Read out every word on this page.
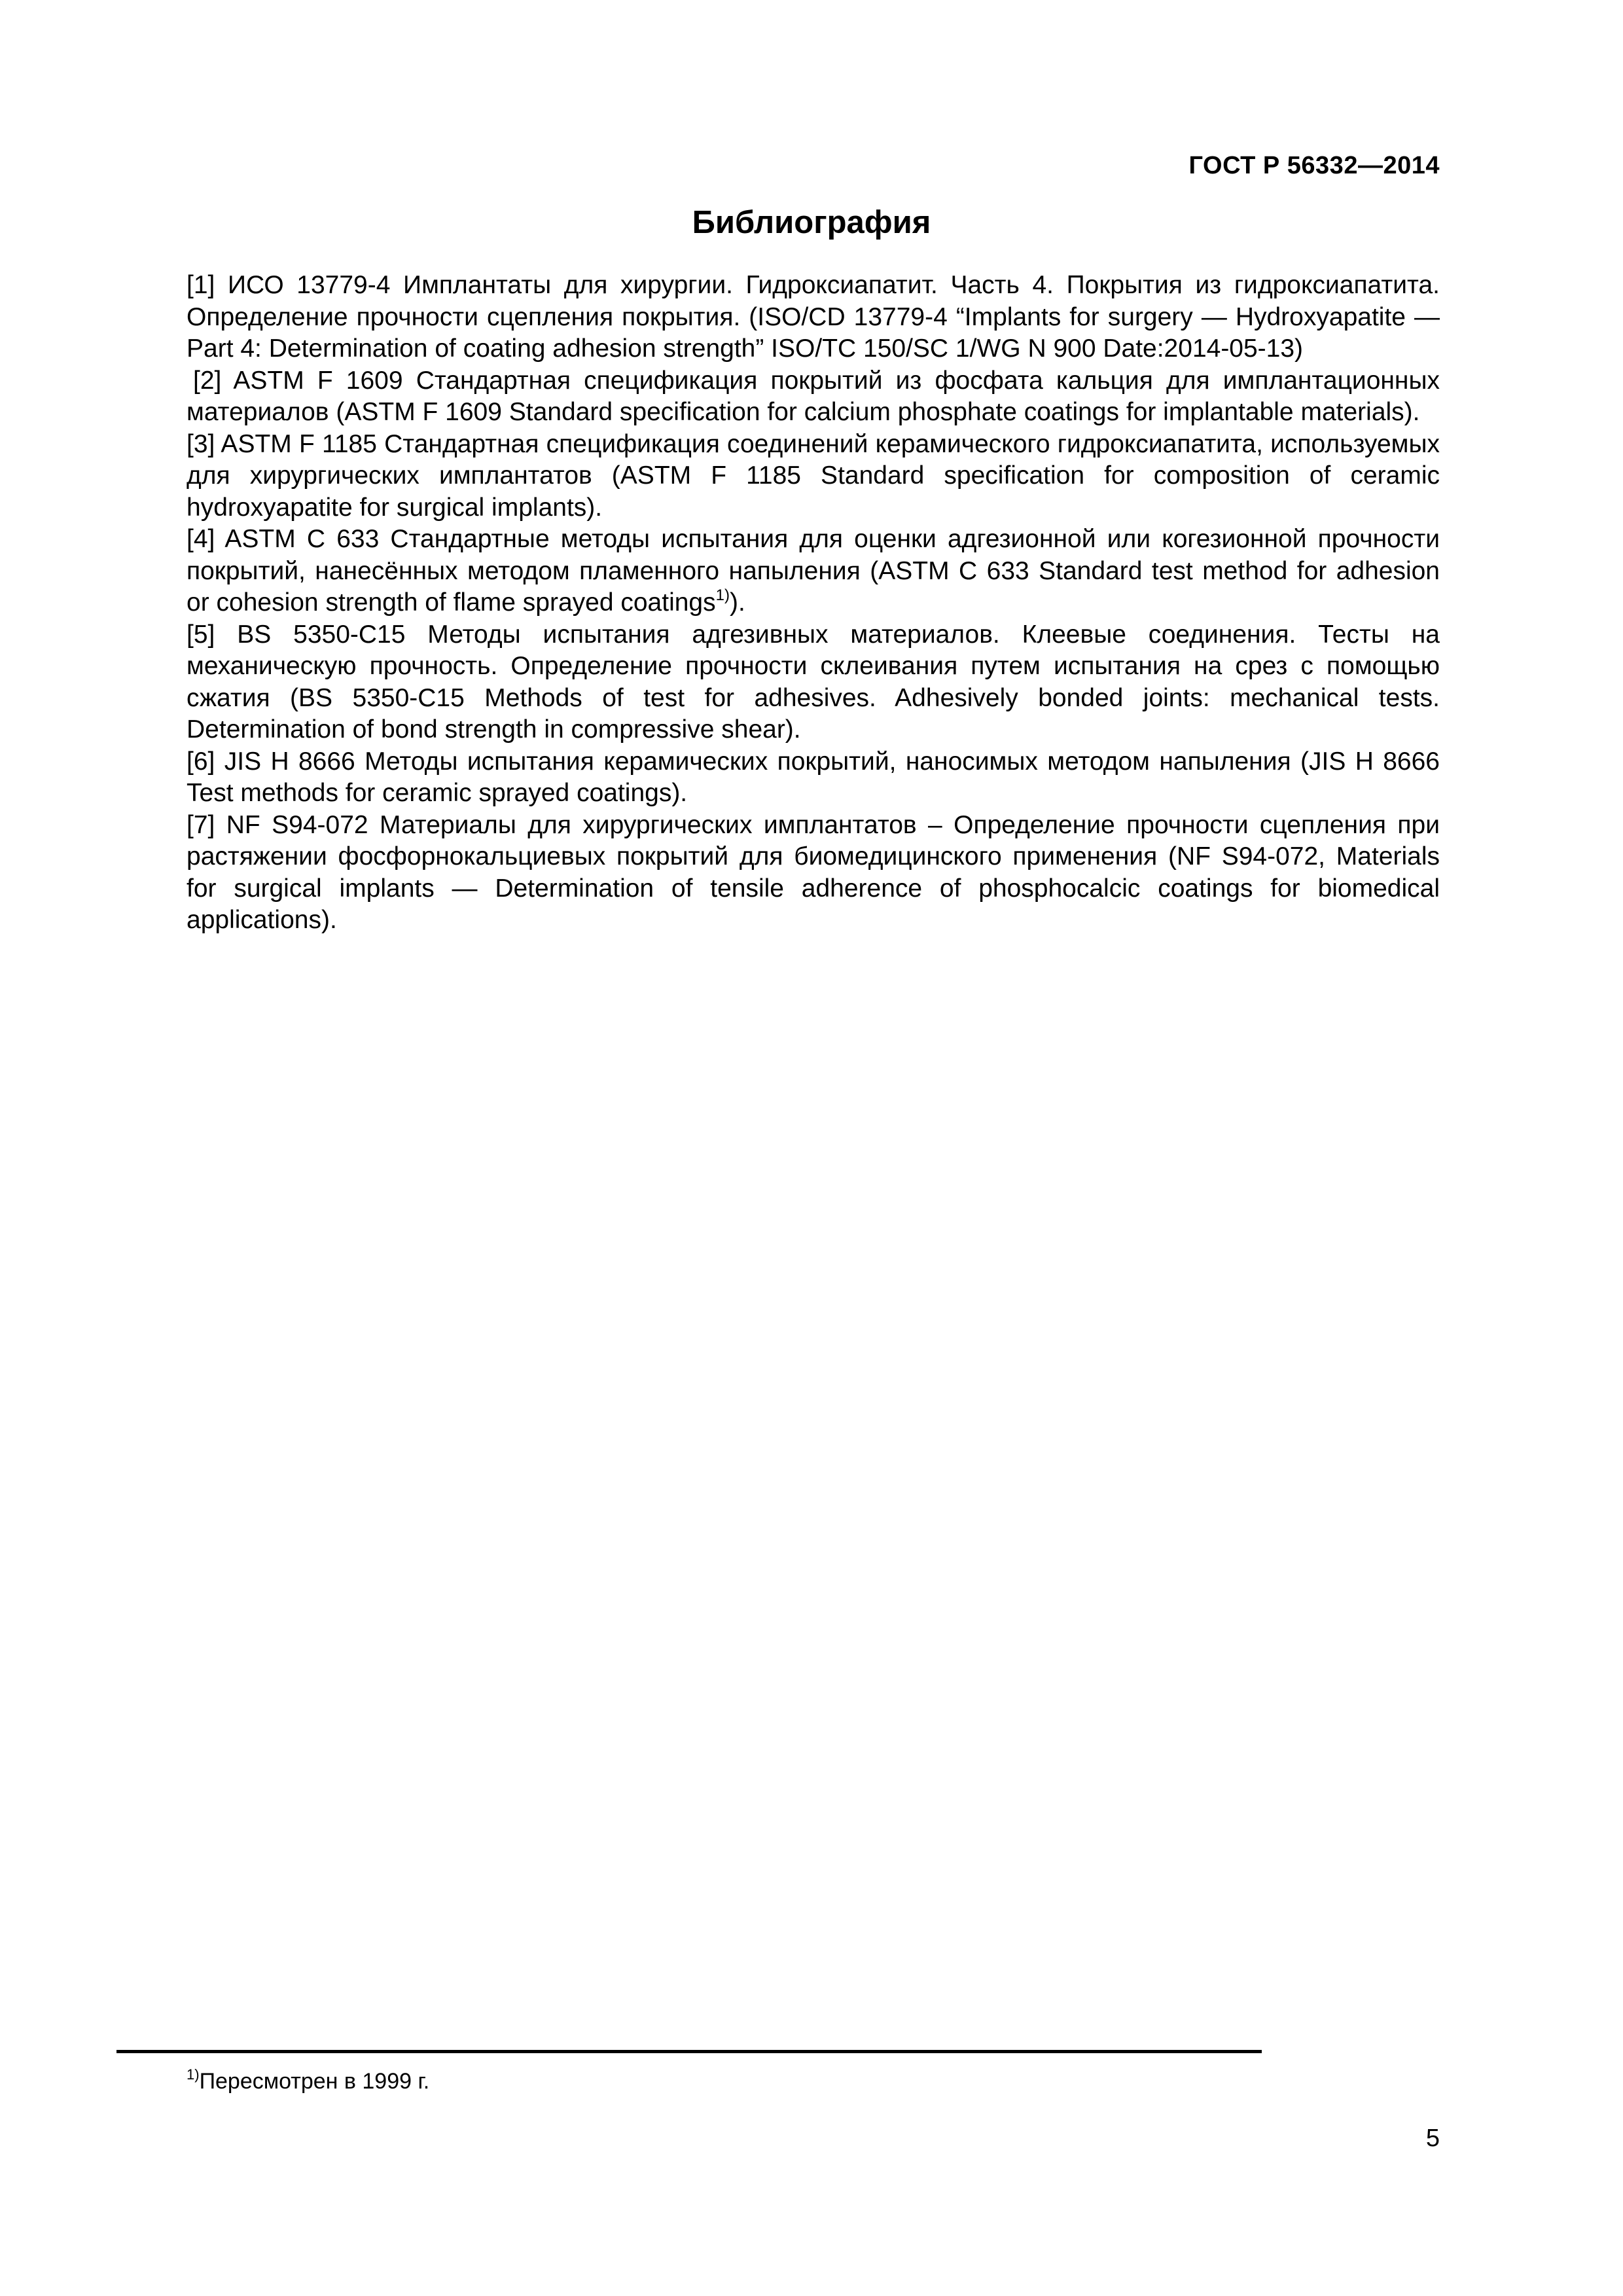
ГОСТ Р 56332—2014
Библиография
[1] ИСО 13779-4 Имплантаты для хирургии. Гидроксиапатит. Часть 4. Покрытия из гидроксиапатита. Определение прочности сцепления покрытия. (ISO/CD 13779-4 “Implants for surgery — Hydroxyapatite — Part 4: Determination of coating adhesion strength” ISO/TC 150/SC 1/WG N 900 Date:2014-05-13)
[2] ASTM F 1609 Стандартная спецификация покрытий из фосфата кальция для имплантационных материалов (ASTM F 1609 Standard specification for calcium phosphate coatings for implantable materials).
[3] ASTM F 1185 Стандартная спецификация соединений керамического гидроксиапатита, используемых для хирургических имплантатов (ASTM F 1185 Standard specification for composition of ceramic hydroxyapatite for surgical implants).
[4] ASTM C 633 Стандартные методы испытания для оценки адгезионной или когезионной прочности покрытий, нанесённых методом пламенного напыления (ASTM C 633 Standard test method for adhesion or cohesion strength of flame sprayed coatings$^{1)}$).
[5] BS 5350-C15 Методы испытания адгезивных материалов. Клеевые соединения. Тесты на механическую прочность. Определение прочности склеивания путем испытания на срез с помощью сжатия (BS 5350-C15 Methods of test for adhesives. Adhesively bonded joints: mechanical tests. Determination of bond strength in compressive shear).
[6] JIS H 8666 Методы испытания керамических покрытий, наносимых методом напыления (JIS H 8666 Test methods for ceramic sprayed coatings).
[7] NF S94-072 Материалы для хирургических имплантатов – Определение прочности сцепления при растяжении фосфорнокальциевых покрытий для биомедицинского применения (NF S94-072, Materials for surgical implants — Determination of tensile adherence of phosphocalcic coatings for biomedical applications).
$^{1)}$Пересмотрен в 1999 г.
5
